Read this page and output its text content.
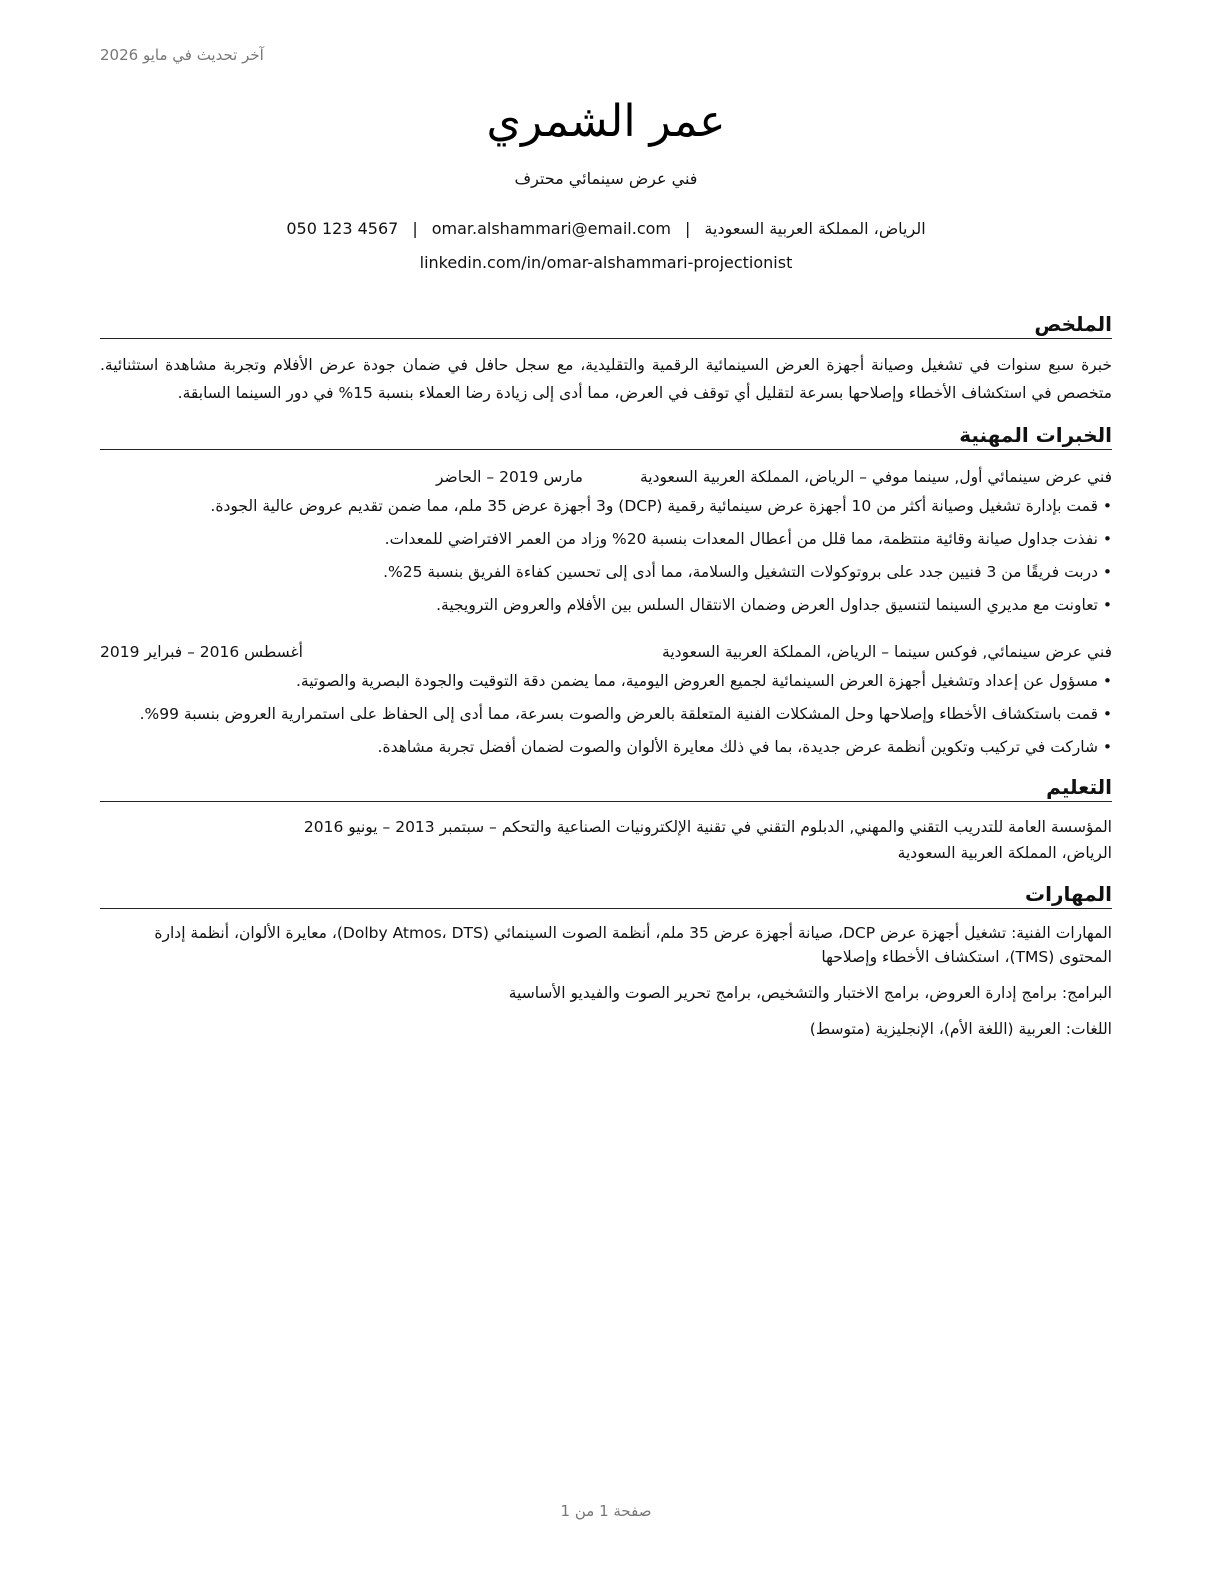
آخر تحديث في مايو 2026
عمر الشمري
فني عرض سينمائي محترف
050 123 4567 | omar.alshammari@email.com | الرياض، المملكة العربية السعودية
linkedin.com/in/omar-alshammari-projectionist
الملخص
خبرة سبع سنوات في تشغيل وصيانة أجهزة العرض السينمائية الرقمية والتقليدية، مع سجل حافل في ضمان جودة عرض الأفلام وتجربة مشاهدة استثنائية. متخصص في استكشاف الأخطاء وإصلاحها بسرعة لتقليل أي توقف في العرض، مما أدى إلى زيادة رضا العملاء بنسبة 15% في دور السينما السابقة.
الخبرات المهنية
فني عرض سينمائي أول, سينما موفي – الرياض، المملكة العربية السعودية
مارس 2019 – الحاضر
• قمت بإدارة تشغيل وصيانة أكثر من 10 أجهزة عرض سينمائية رقمية (DCP) و3 أجهزة عرض 35 ملم، مما ضمن تقديم عروض عالية الجودة.
• نفذت جداول صيانة وقائية منتظمة، مما قلل من أعطال المعدات بنسبة 20% وزاد من العمر الافتراضي للمعدات.
• دربت فريقًا من 3 فنيين جدد على بروتوكولات التشغيل والسلامة، مما أدى إلى تحسين كفاءة الفريق بنسبة 25%.
• تعاونت مع مديري السينما لتنسيق جداول العرض وضمان الانتقال السلس بين الأفلام والعروض الترويجية.
فني عرض سينمائي, فوكس سينما – الرياض، المملكة العربية السعودية
أغسطس 2016 – فبراير 2019
• مسؤول عن إعداد وتشغيل أجهزة العرض السينمائية لجميع العروض اليومية، مما يضمن دقة التوقيت والجودة البصرية والصوتية.
• قمت باستكشاف الأخطاء وإصلاحها وحل المشكلات الفنية المتعلقة بالعرض والصوت بسرعة، مما أدى إلى الحفاظ على استمرارية العروض بنسبة 99%.
• شاركت في تركيب وتكوين أنظمة عرض جديدة، بما في ذلك معايرة الألوان والصوت لضمان أفضل تجربة مشاهدة.
التعليم
المؤسسة العامة للتدريب التقني والمهني, الدبلوم التقني في تقنية الإلكترونيات الصناعية والتحكم – سبتمبر 2013 – يونيو 2016
الرياض، المملكة العربية السعودية
المهارات

المهارات الفنية: تشغيل أجهزة عرض DCP، صيانة أجهزة عرض 35 ملم، أنظمة الصوت السينمائي (Dolby Atmos، DTS)، معايرة الألوان، أنظمة إدارة المحتوى (TMS)، استكشاف الأخطاء وإصلاحها

البرامج: برامج إدارة العروض، برامج الاختبار والتشخيص، برامج تحرير الصوت والفيديو الأساسية

اللغات: العربية (اللغة الأم)، الإنجليزية (متوسط)

صفحة 1 من 1
